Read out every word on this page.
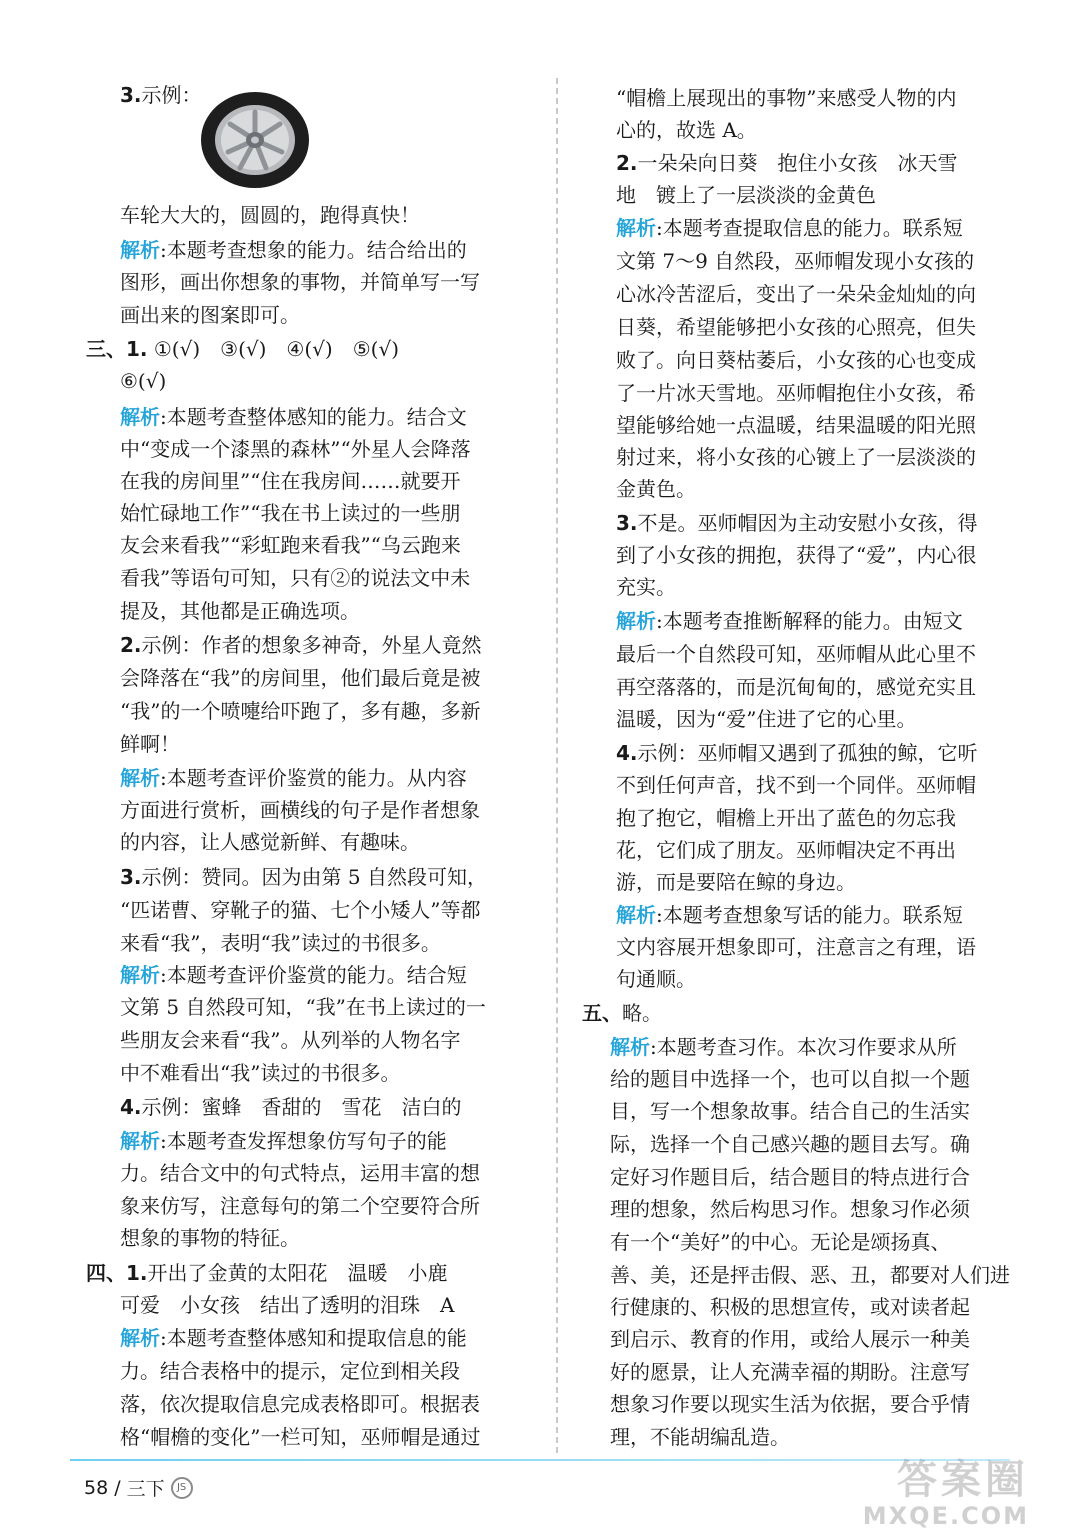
3.示例：
车轮大大的，圆圆的，跑得真快！
解析:本题考查想象的能力。结合给出的
图形，画出你想象的事物，并简单写一写
画出来的图案即可。
三、1. ①(√)　③(√)　④(√)　⑤(√)
⑥(√)
解析:本题考查整体感知的能力。结合文
中“变成一个漆黑的森林”“外星人会降落
在我的房间里”“住在我房间……就要开
始忙碌地工作”“我在书上读过的一些朋
友会来看我”“彩虹跑来看我”“乌云跑来
看我”等语句可知，只有②的说法文中未
提及，其他都是正确选项。
2.示例：作者的想象多神奇，外星人竟然
会降落在“我”的房间里，他们最后竟是被
“我”的一个喷嚏给吓跑了，多有趣，多新
鲜啊！
解析:本题考查评价鉴赏的能力。从内容
方面进行赏析，画横线的句子是作者想象
的内容，让人感觉新鲜、有趣味。
3.示例：赞同。因为由第 5 自然段可知，
“匹诺曹、穿靴子的猫、七个小矮人”等都
来看“我”，表明“我”读过的书很多。
解析:本题考查评价鉴赏的能力。结合短
文第 5 自然段可知，“我”在书上读过的一
些朋友会来看“我”。从列举的人物名字
中不难看出“我”读过的书很多。
4.示例：蜜蜂　香甜的　雪花　洁白的
解析:本题考查发挥想象仿写句子的能
力。结合文中的句式特点，运用丰富的想
象来仿写，注意每句的第二个空要符合所
想象的事物的特征。
四、1.开出了金黄的太阳花　温暖　小鹿
可爱　小女孩　结出了透明的泪珠　A
解析:本题考查整体感知和提取信息的能
力。结合表格中的提示，定位到相关段
落，依次提取信息完成表格即可。根据表
格“帽檐的变化”一栏可知，巫师帽是通过
“帽檐上展现出的事物”来感受人物的内
心的，故选 A。
2.一朵朵向日葵　抱住小女孩　冰天雪
地　镀上了一层淡淡的金黄色
解析:本题考查提取信息的能力。联系短
文第 7～9 自然段，巫师帽发现小女孩的
心冰冷苦涩后，变出了一朵朵金灿灿的向
日葵，希望能够把小女孩的心照亮，但失
败了。向日葵枯萎后，小女孩的心也变成
了一片冰天雪地。巫师帽抱住小女孩，希
望能够给她一点温暖，结果温暖的阳光照
射过来，将小女孩的心镀上了一层淡淡的
金黄色。
3.不是。巫师帽因为主动安慰小女孩，得
到了小女孩的拥抱，获得了“爱”，内心很
充实。
解析:本题考查推断解释的能力。由短文
最后一个自然段可知，巫师帽从此心里不
再空落落的，而是沉甸甸的，感觉充实且
温暖，因为“爱”住进了它的心里。
4.示例：巫师帽又遇到了孤独的鲸，它听
不到任何声音，找不到一个同伴。巫师帽
抱了抱它，帽檐上开出了蓝色的勿忘我
花，它们成了朋友。巫师帽决定不再出
游，而是要陪在鲸的身边。
解析:本题考查想象写话的能力。联系短
文内容展开想象即可，注意言之有理，语
句通顺。
五、略。
解析:本题考查习作。本次习作要求从所
给的题目中选择一个，也可以自拟一个题
目，写一个想象故事。结合自己的生活实
际，选择一个自己感兴趣的题目去写。确
定好习作题目后，结合题目的特点进行合
理的想象，然后构思习作。想象习作必须
有一个“美好”的中心。无论是颂扬真、
善、美，还是抨击假、恶、丑，都要对人们进
行健康的、积极的思想宣传，或对读者起
到启示、教育的作用，或给人展示一种美
好的愿景，让人充满幸福的期盼。注意写
想象习作要以现实生活为依据，要合乎情
理，不能胡编乱造。
58 / 三下	JS	答案圈
MXQE.COM
